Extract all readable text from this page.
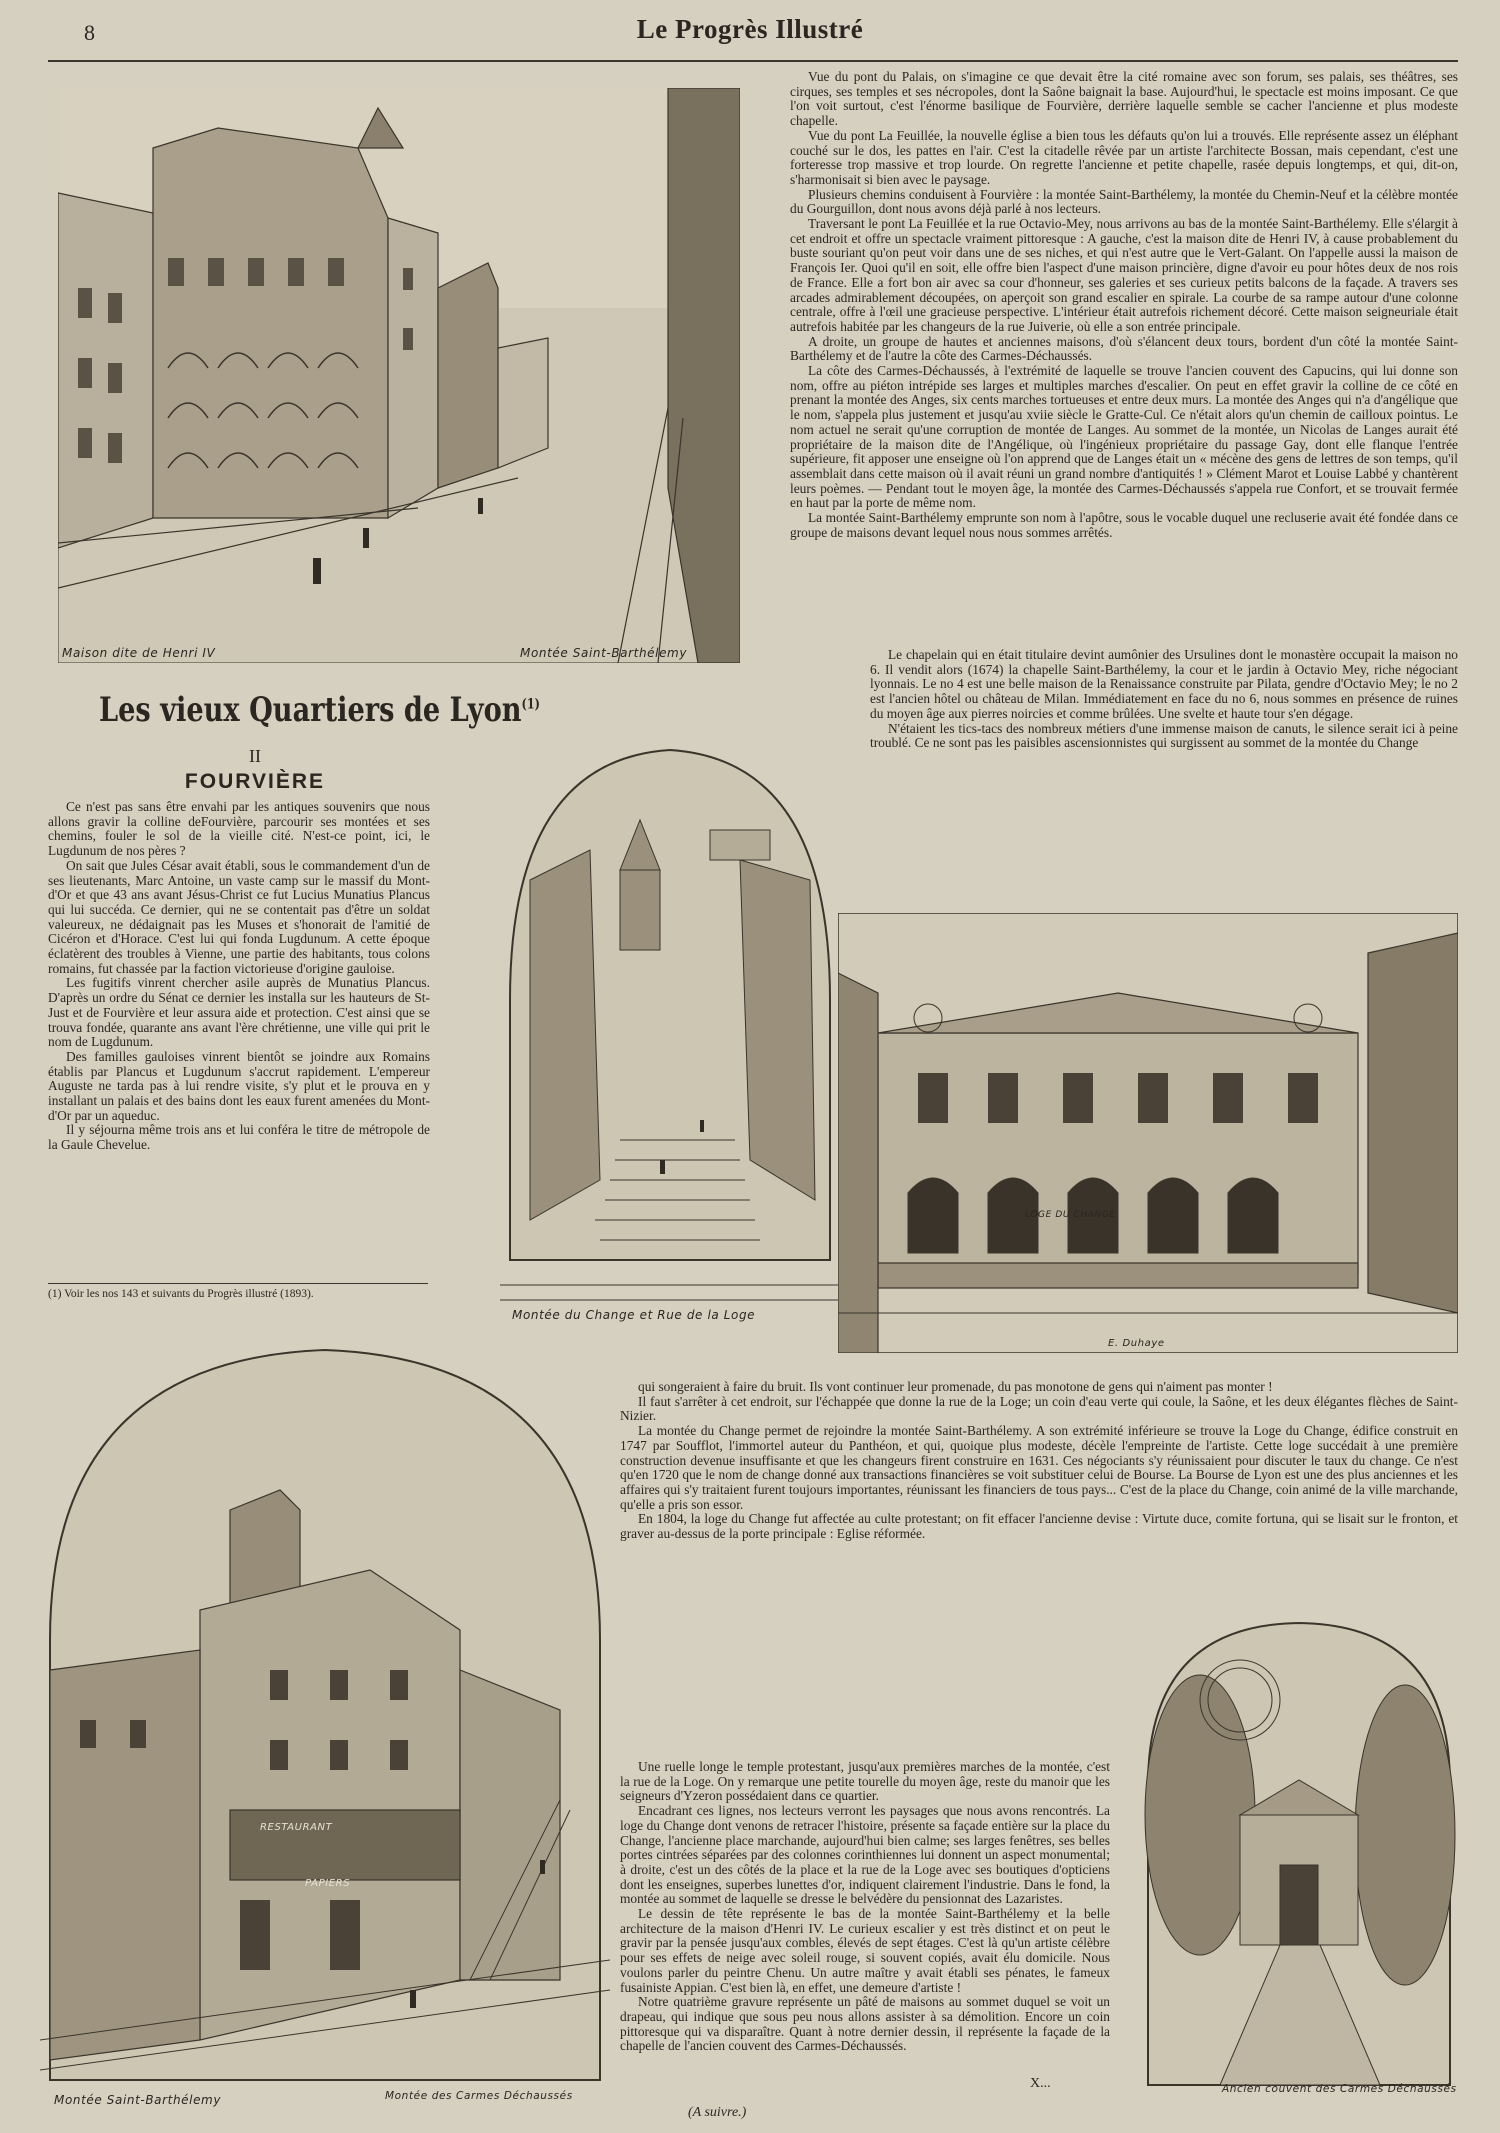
8	Le Progrès Illustré
Maison dite de Henri IV	Montée Saint-Barthélemy
Les vieux Quartiers de Lyon$^{(1)}$
II
FOURVIÈRE

Ce n'est pas sans être envahi par les antiques souvenirs que nous allons gravir la colline deFourvière, parcourir ses montées et ses chemins, fouler le sol de la vieille cité. N'est-ce point, ici, le Lugdunum de nos pères ?

On sait que Jules César avait établi, sous le commandement d'un de ses lieutenants, Marc Antoine, un vaste camp sur le massif du Mont-d'Or et que 43 ans avant Jésus-Christ ce fut Lucius Munatius Plancus qui lui succéda. Ce dernier, qui ne se contentait pas d'être un soldat valeureux, ne dédaignait pas les Muses et s'honorait de l'amitié de Cicéron et d'Horace. C'est lui qui fonda Lugdunum. A cette époque éclatèrent des troubles à Vienne, une partie des habitants, tous colons romains, fut chassée par la faction victorieuse d'origine gauloise.

Les fugitifs vinrent chercher asile auprès de Munatius Plancus. D'après un ordre du Sénat ce dernier les installa sur les hauteurs de St-Just et de Fourvière et leur assura aide et protection. C'est ainsi que se trouva fondée, quarante ans avant l'ère chrétienne, une ville qui prit le nom de Lugdunum.

Des familles gauloises vinrent bientôt se joindre aux Romains établis par Plancus et Lugdunum s'accrut rapidement. L'empereur Auguste ne tarda pas à lui rendre visite, s'y plut et le prouva en y installant un palais et des bains dont les eaux furent amenées du Mont-d'Or par un aqueduc.

Il y séjourna même trois ans et lui conféra le titre de métropole de la Gaule Chevelue.

(1) Voir les nos 143 et suivants du Progrès illustré (1893).

Vue du pont du Palais, on s'imagine ce que devait être la cité romaine avec son forum, ses palais, ses théâtres, ses cirques, ses temples et ses nécropoles, dont la Saône baignait la base. Aujourd'hui, le spectacle est moins imposant. Ce que l'on voit surtout, c'est l'énorme basilique de Fourvière, derrière laquelle semble se cacher l'ancienne et plus modeste chapelle.

Vue du pont La Feuillée, la nouvelle église a bien tous les défauts qu'on lui a trouvés. Elle représente assez un éléphant couché sur le dos, les pattes en l'air. C'est la citadelle rêvée par un artiste l'architecte Bossan, mais cependant, c'est une forteresse trop massive et trop lourde. On regrette l'ancienne et petite chapelle, rasée depuis longtemps, et qui, dit-on, s'harmonisait si bien avec le paysage.

Plusieurs chemins conduisent à Fourvière : la montée Saint-Barthélemy, la montée du Chemin-Neuf et la célèbre montée du Gourguillon, dont nous avons déjà parlé à nos lecteurs.

Traversant le pont La Feuillée et la rue Octavio-Mey, nous arrivons au bas de la montée Saint-Barthélemy. Elle s'élargit à cet endroit et offre un spectacle vraiment pittoresque : A gauche, c'est la maison dite de Henri IV, à cause probablement du buste souriant qu'on peut voir dans une de ses niches, et qui n'est autre que le Vert-Galant. On l'appelle aussi la maison de François Ier. Quoi qu'il en soit, elle offre bien l'aspect d'une maison princière, digne d'avoir eu pour hôtes deux de nos rois de France. Elle a fort bon air avec sa cour d'honneur, ses galeries et ses curieux petits balcons de la façade. A travers ses arcades admirablement découpées, on aperçoit son grand escalier en spirale. La courbe de sa rampe autour d'une colonne centrale, offre à l'œil une gracieuse perspective. L'intérieur était autrefois richement décoré. Cette maison seigneuriale était autrefois habitée par les changeurs de la rue Juiverie, où elle a son entrée principale.

A droite, un groupe de hautes et anciennes maisons, d'où s'élancent deux tours, bordent d'un côté la montée Saint-Barthélemy et de l'autre la côte des Carmes-Déchaussés.

La côte des Carmes-Déchaussés, à l'extrémité de laquelle se trouve l'ancien couvent des Capucins, qui lui donne son nom, offre au piéton intrépide ses larges et multiples marches d'escalier. On peut en effet gravir la colline de ce côté en prenant la montée des Anges, six cents marches tortueuses et entre deux murs. La montée des Anges qui n'a d'angélique que le nom, s'appela plus justement et jusqu'au xviie siècle le Gratte-Cul. Ce n'était alors qu'un chemin de cailloux pointus. Le nom actuel ne serait qu'une corruption de montée de Langes. Au sommet de la montée, un Nicolas de Langes aurait été propriétaire de la maison dite de l'Angélique, où l'ingénieux propriétaire du passage Gay, dont elle flanque l'entrée supérieure, fit apposer une enseigne où l'on apprend que de Langes était un « mécène des gens de lettres de son temps, qu'il assemblait dans cette maison où il avait réuni un grand nombre d'antiquités ! » Clément Marot et Louise Labbé y chantèrent leurs poèmes. — Pendant tout le moyen âge, la montée des Carmes-Déchaussés s'appela rue Confort, et se trouvait fermée en haut par la porte de même nom.

La montée Saint-Barthélemy emprunte son nom à l'apôtre, sous le vocable duquel une recluserie avait été fondée dans ce groupe de maisons devant lequel nous nous sommes arrêtés.

Le chapelain qui en était titulaire devint aumônier des Ursulines dont le monastère occupait la maison no 6. Il vendit alors (1674) la chapelle Saint-Barthélemy, la cour et le jardin à Octavio Mey, riche négociant lyonnais. Le no 4 est une belle maison de la Renaissance construite par Pilata, gendre d'Octavio Mey; le no 2 est l'ancien hôtel ou château de Milan. Immédiatement en face du no 6, nous sommes en présence de ruines du moyen âge aux pierres noircies et comme brûlées. Une svelte et haute tour s'en dégage.

N'étaient les tics-tacs des nombreux métiers d'une immense maison de canuts, le silence serait ici à peine troublé. Ce ne sont pas les paisibles ascensionnistes qui surgissent au sommet de la montée du Change

Montée du Change et Rue de la Loge
LOGE DU CHANGE
E. Duhaye

qui songeraient à faire du bruit. Ils vont continuer leur promenade, du pas monotone de gens qui n'aiment pas monter !

Il faut s'arrêter à cet endroit, sur l'échappée que donne la rue de la Loge; un coin d'eau verte qui coule, la Saône, et les deux élégantes flèches de Saint-Nizier.

La montée du Change permet de rejoindre la montée Saint-Barthélemy. A son extrémité inférieure se trouve la Loge du Change, édifice construit en 1747 par Soufflot, l'immortel auteur du Panthéon, et qui, quoique plus modeste, décèle l'empreinte de l'artiste. Cette loge succédait à une première construction devenue insuffisante et que les changeurs firent construire en 1631. Ces négociants s'y réunissaient pour discuter le taux du change. Ce n'est qu'en 1720 que le nom de change donné aux transactions financières se voit substituer celui de Bourse. La Bourse de Lyon est une des plus anciennes et les affaires qui s'y traitaient furent toujours importantes, réunissant les financiers de tous pays... C'est de la place du Change, coin animé de la ville marchande, qu'elle a pris son essor.

En 1804, la loge du Change fut affectée au culte protestant; on fit effacer l'ancienne devise : Virtute duce, comite fortuna, qui se lisait sur le fronton, et graver au-dessus de la porte principale : Eglise réformée.

Une ruelle longe le temple protestant, jusqu'aux premières marches de la montée, c'est la rue de la Loge. On y remarque une petite tourelle du moyen âge, reste du manoir que les seigneurs d'Yzeron possédaient dans ce quartier.

Encadrant ces lignes, nos lecteurs verront les paysages que nous avons rencontrés. La loge du Change dont venons de retracer l'histoire, présente sa façade entière sur la place du Change, l'ancienne place marchande, aujourd'hui bien calme; ses larges fenêtres, ses belles portes cintrées séparées par des colonnes corinthiennes lui donnent un aspect monumental; à droite, c'est un des côtés de la place et la rue de la Loge avec ses boutiques d'opticiens dont les enseignes, superbes lunettes d'or, indiquent clairement l'industrie. Dans le fond, la montée au sommet de laquelle se dresse le belvédère du pensionnat des Lazaristes.

Le dessin de tête représente le bas de la montée Saint-Barthélemy et la belle architecture de la maison d'Henri IV. Le curieux escalier y est très distinct et on peut le gravir par la pensée jusqu'aux combles, élevés de sept étages. C'est là qu'un artiste célèbre pour ses effets de neige avec soleil rouge, si souvent copiés, avait élu domicile. Nous voulons parler du peintre Chenu. Un autre maître y avait établi ses pénates, le fameux fusainiste Appian. C'est bien là, en effet, une demeure d'artiste !

Notre quatrième gravure représente un pâté de maisons au sommet duquel se voit un drapeau, qui indique que sous peu nous allons assister à sa démolition. Encore un coin pittoresque qui va disparaître. Quant à notre dernier dessin, il représente la façade de la chapelle de l'ancien couvent des Carmes-Déchaussés.

X...
(A suivre.)
RESTAURANT
PAPIERS
Montée Saint-Barthélemy	Montée des Carmes Déchaussés
Ancien couvent des Carmes Déchaussés
